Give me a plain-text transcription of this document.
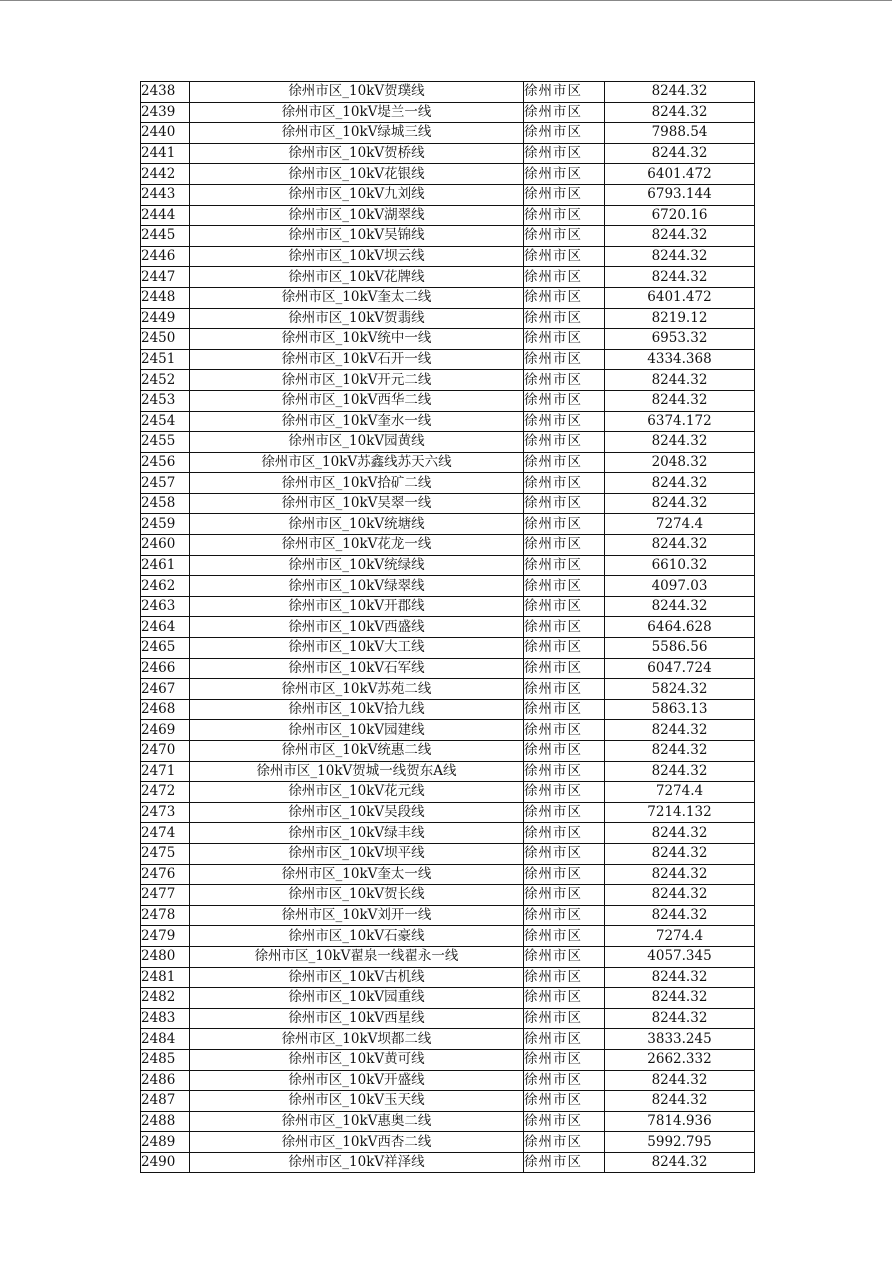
2438	徐州市区_10kV贺璞线	徐州市区	8244.32
2439	徐州市区_10kV堤兰一线	徐州市区	8244.32
2440	徐州市区_10kV绿城三线	徐州市区	7988.54
2441	徐州市区_10kV贺桥线	徐州市区	8244.32
2442	徐州市区_10kV花银线	徐州市区	6401.472
2443	徐州市区_10kV九刘线	徐州市区	6793.144
2444	徐州市区_10kV湖翠线	徐州市区	6720.16
2445	徐州市区_10kV吴锦线	徐州市区	8244.32
2446	徐州市区_10kV坝云线	徐州市区	8244.32
2447	徐州市区_10kV花牌线	徐州市区	8244.32
2448	徐州市区_10kV奎太二线	徐州市区	6401.472
2449	徐州市区_10kV贺翡线	徐州市区	8219.12
2450	徐州市区_10kV统中一线	徐州市区	6953.32
2451	徐州市区_10kV石开一线	徐州市区	4334.368
2452	徐州市区_10kV开元二线	徐州市区	8244.32
2453	徐州市区_10kV西华二线	徐州市区	8244.32
2454	徐州市区_10kV奎水一线	徐州市区	6374.172
2455	徐州市区_10kV园黄线	徐州市区	8244.32
2456	徐州市区_10kV苏鑫线苏天六线	徐州市区	2048.32
2457	徐州市区_10kV拾矿二线	徐州市区	8244.32
2458	徐州市区_10kV吴翠一线	徐州市区	8244.32
2459	徐州市区_10kV统塘线	徐州市区	7274.4
2460	徐州市区_10kV花龙一线	徐州市区	8244.32
2461	徐州市区_10kV统绿线	徐州市区	6610.32
2462	徐州市区_10kV绿翠线	徐州市区	4097.03
2463	徐州市区_10kV开郡线	徐州市区	8244.32
2464	徐州市区_10kV西盛线	徐州市区	6464.628
2465	徐州市区_10kV大工线	徐州市区	5586.56
2466	徐州市区_10kV石军线	徐州市区	6047.724
2467	徐州市区_10kV苏苑二线	徐州市区	5824.32
2468	徐州市区_10kV拾九线	徐州市区	5863.13
2469	徐州市区_10kV园建线	徐州市区	8244.32
2470	徐州市区_10kV统惠二线	徐州市区	8244.32
2471	徐州市区_10kV贺城一线贺东A线	徐州市区	8244.32
2472	徐州市区_10kV花元线	徐州市区	7274.4
2473	徐州市区_10kV吴段线	徐州市区	7214.132
2474	徐州市区_10kV绿丰线	徐州市区	8244.32
2475	徐州市区_10kV坝平线	徐州市区	8244.32
2476	徐州市区_10kV奎太一线	徐州市区	8244.32
2477	徐州市区_10kV贺长线	徐州市区	8244.32
2478	徐州市区_10kV刘开一线	徐州市区	8244.32
2479	徐州市区_10kV石豪线	徐州市区	7274.4
2480	徐州市区_10kV翟泉一线翟永一线	徐州市区	4057.345
2481	徐州市区_10kV古机线	徐州市区	8244.32
2482	徐州市区_10kV园重线	徐州市区	8244.32
2483	徐州市区_10kV西星线	徐州市区	8244.32
2484	徐州市区_10kV坝都二线	徐州市区	3833.245
2485	徐州市区_10kV黄可线	徐州市区	2662.332
2486	徐州市区_10kV开盛线	徐州市区	8244.32
2487	徐州市区_10kV玉天线	徐州市区	8244.32
2488	徐州市区_10kV惠奥二线	徐州市区	7814.936
2489	徐州市区_10kV西杏二线	徐州市区	5992.795
2490	徐州市区_10kV祥泽线	徐州市区	8244.32
